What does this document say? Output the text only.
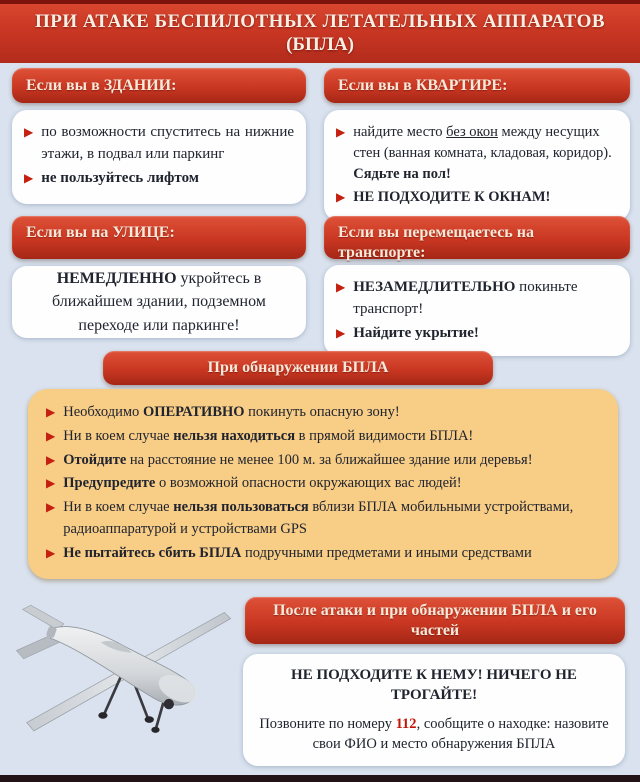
ПРИ АТАКЕ БЕСПИЛОТНЫХ ЛЕТАТЕЛЬНЫХ АППАРАТОВ
(БПЛА)
Если вы в ЗДАНИИ:
▶ по возможности спуститесь на нижние этажи, в подвал или паркинг
▶ не пользуйтесь лифтом
Если вы в КВАРТИРЕ:
▶ найдите место без окон между несущих стен (ванная комната, кладовая, коридор). Сядьте на пол!
▶ НЕ ПОДХОДИТЕ К ОКНАМ!
Если вы на УЛИЦЕ:
НЕМЕДЛЕННО укройтесь в ближайшем здании, подземном переходе или паркинге!
Если вы перемещаетесь на транспорте:
▶ НЕЗАМЕДЛИТЕЛЬНО покиньте транспорт!
▶ Найдите укрытие!
При обнаружении БПЛА
▶ Необходимо ОПЕРАТИВНО покинуть опасную зону!
▶ Ни в коем случае нельзя находиться в прямой видимости БПЛА!
▶ Отойдите на расстояние не менее 100 м. за ближайшее здание или деревья!
▶ Предупредите о возможной опасности окружающих вас людей!
▶ Ни в коем случае нельзя пользоваться вблизи БПЛА мобильными устройствами, радиоаппаратурой и устройствами GPS
▶ Не пытайтесь сбить БПЛА подручными предметами и иными средствами
После атаки и при обнаружении БПЛА и его частей
НЕ ПОДХОДИТЕ К НЕМУ! НИЧЕГО НЕ ТРОГАЙТЕ!
Позвоните по номеру 112, сообщите о находке: назовите свои ФИО и место обнаружения БПЛА
